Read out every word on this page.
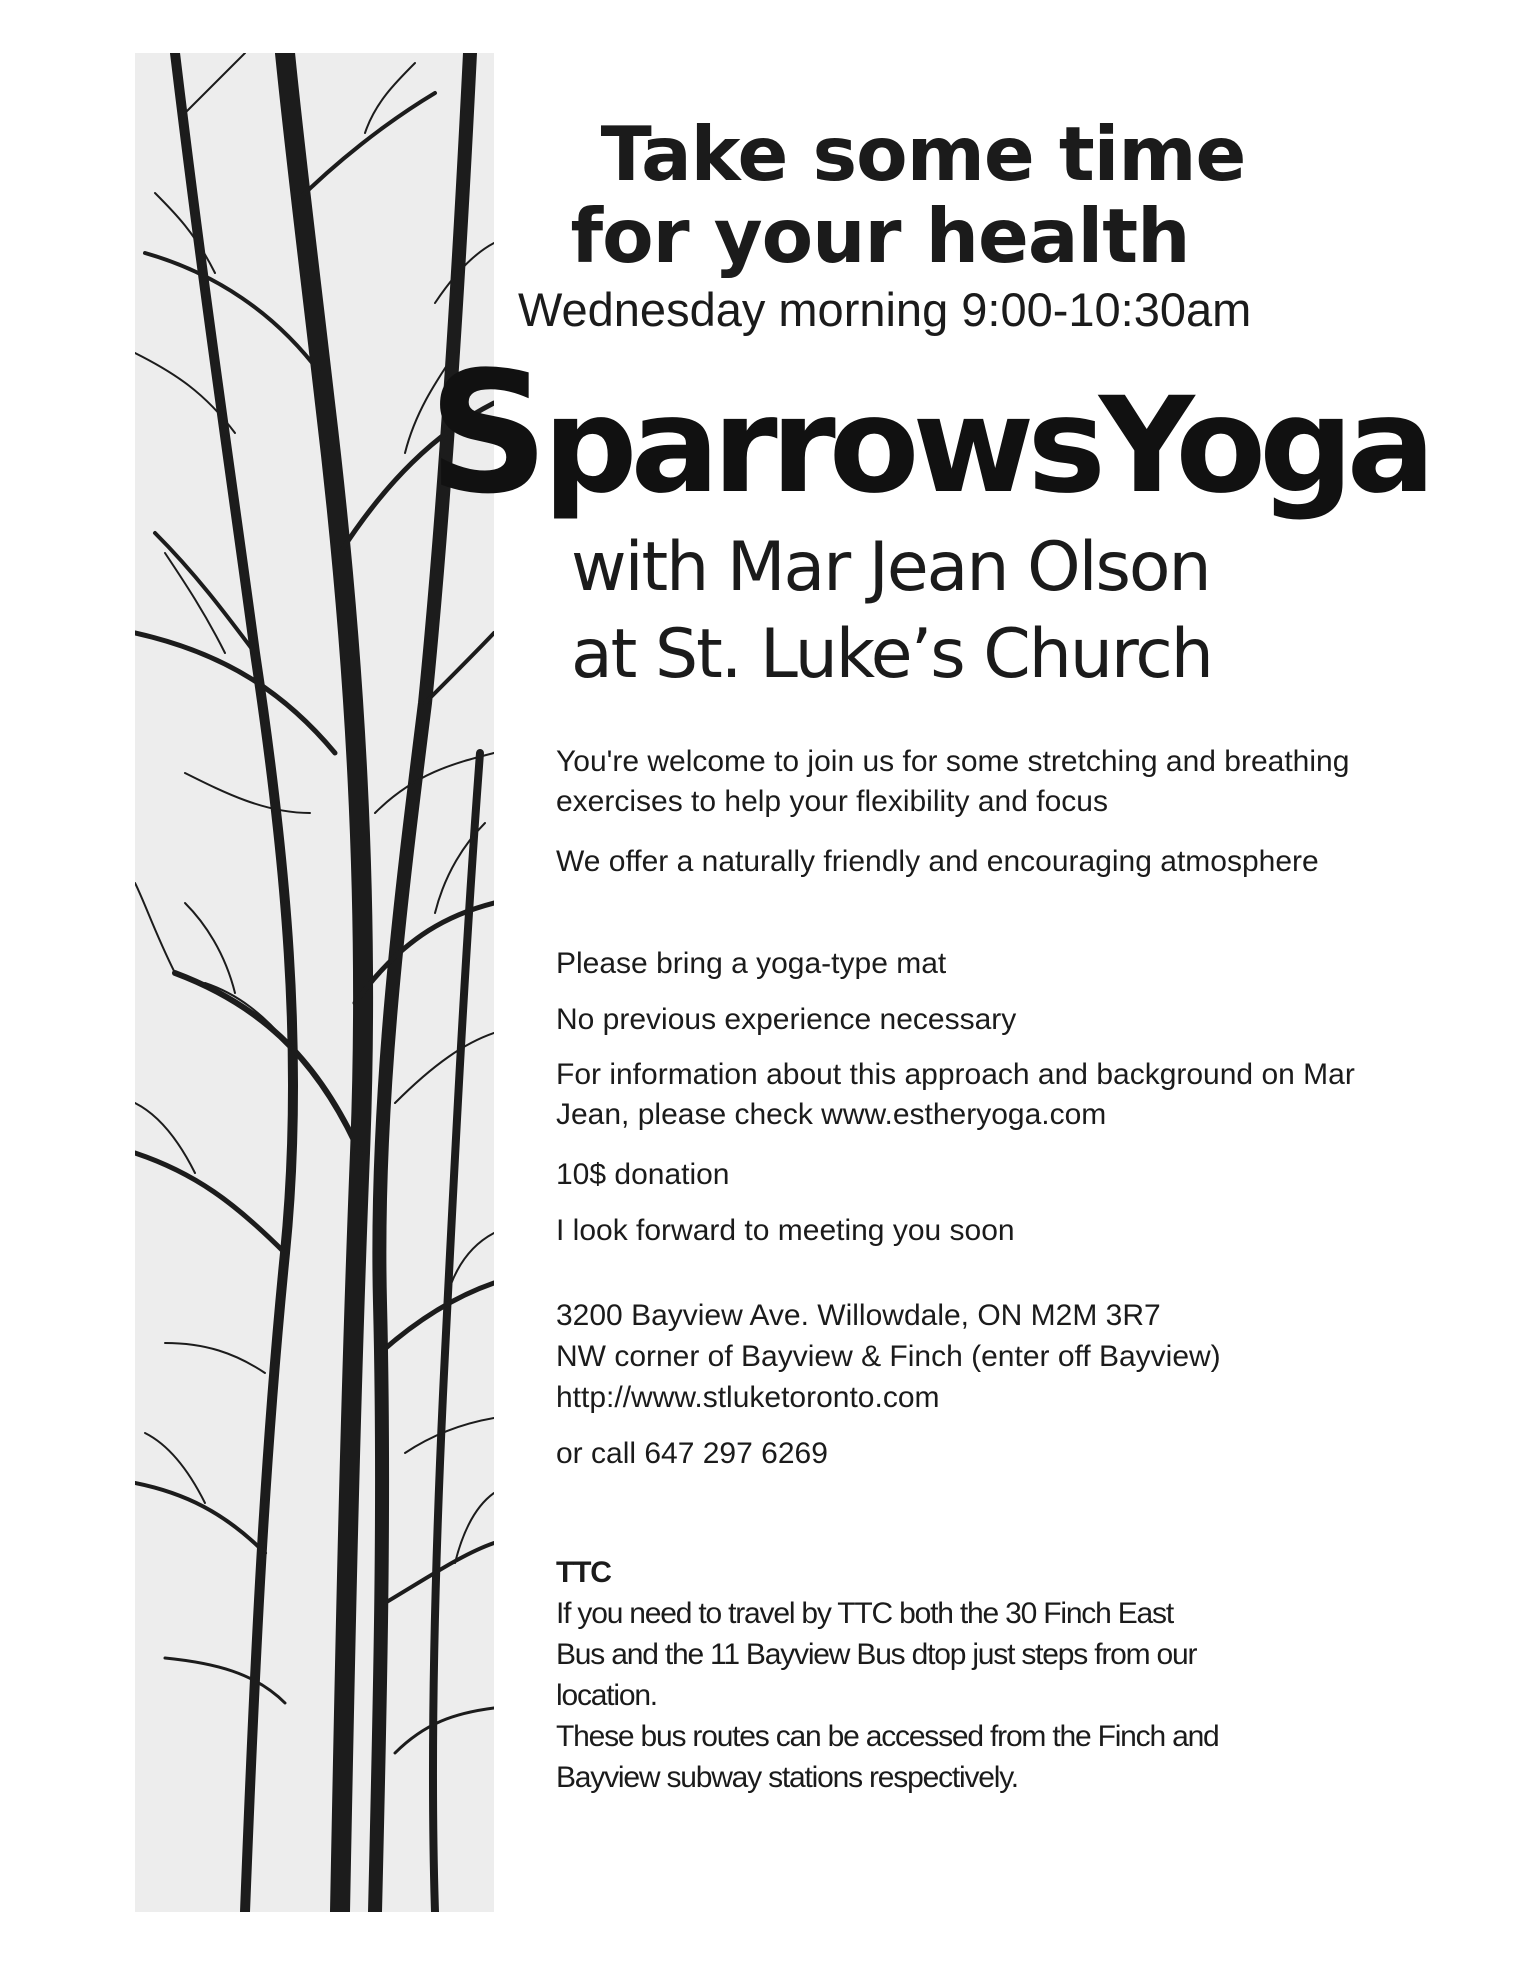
Take some time
for your health
Wednesday morning 9:00-10:30am
SparrowsYoga
with Mar Jean Olson
at St. Luke’s Church
You're welcome to join us for some stretching and breathing exercises to help your flexibility and focus
We offer a naturally friendly and encouraging atmosphere
Please bring a yoga-type mat
No previous experience necessary
For information about this approach and background on Mar Jean, please check www.estheryoga.com
10$ donation
I look forward to meeting you soon
3200 Bayview Ave. Willowdale, ON M2M 3R7
NW corner of Bayview & Finch (enter off Bayview)
http://www.stluketoronto.com
or call 647 297 6269
TTC

If you need to travel by TTC both the 30 Finch East

Bus and the 11 Bayview Bus dtop just steps from our

location.

These bus routes can be accessed from the Finch and

Bayview subway stations respectively.
